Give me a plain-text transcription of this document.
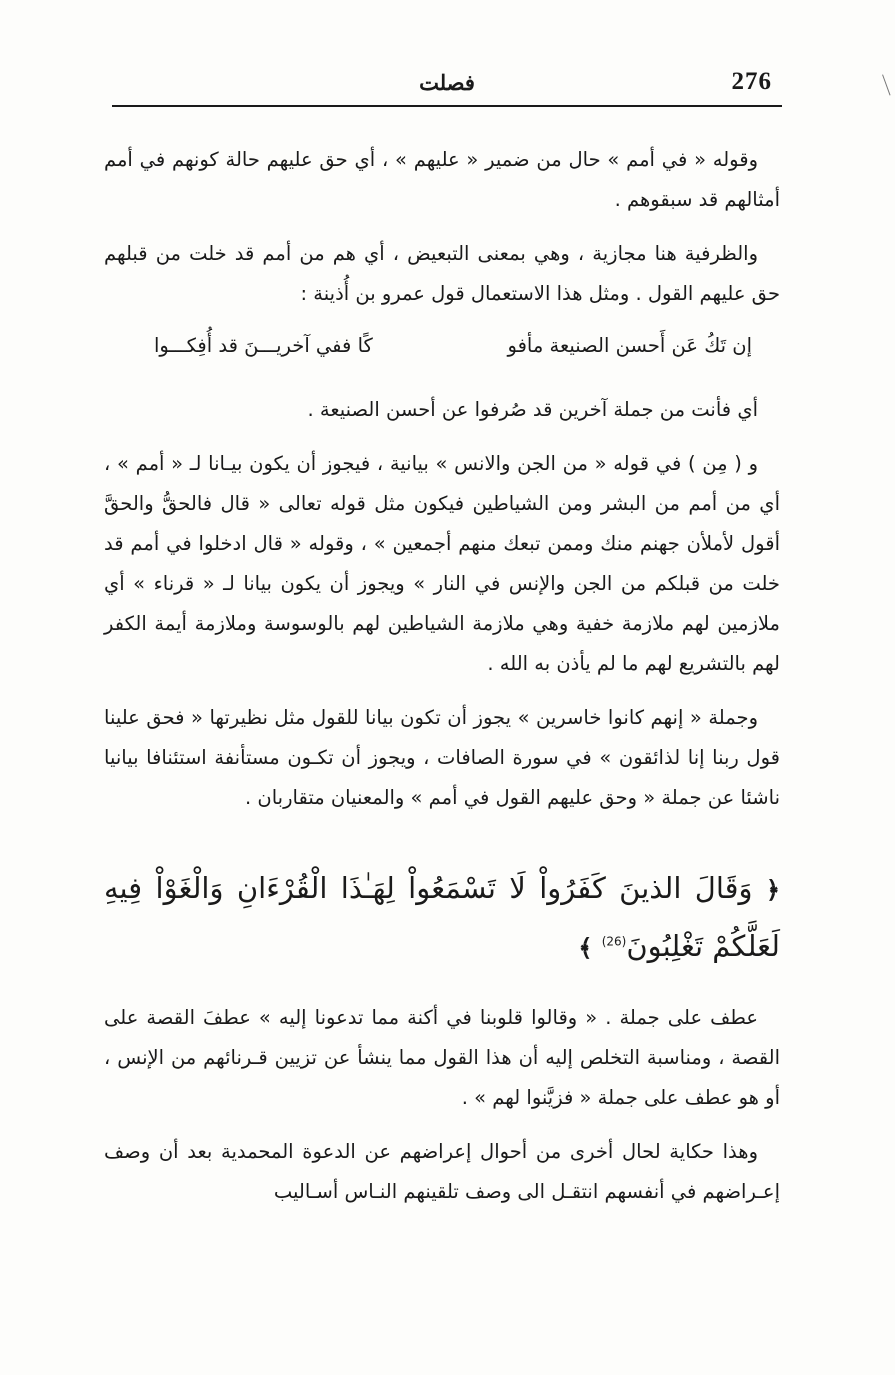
276
فصلت

وقوله « في أمم » حال من ضمير « عليهم » ، أي حق عليهم حالة كونهم في أمم أمثالهم قد سبقوهم .

والظرفية هنا مجازية ، وهي بمعنى التبعيض ، أي هم من أمم قد خلت من قبلهم حق عليهم القول . ومثل هذا الاستعمال قول عمرو بن أُذينة :

إن تَكُ عَن أَحسن الصنيعة مأفو
كًا ففي آخريـــنَ قد أُفِكـــوا

أي فأنت من جملة آخرين قد صُرفوا عن أحسن الصنيعة .

و ( مِن ) في قوله « من الجن والانس » بيانية ، فيجوز أن يكون بيـانا لـ « أمم » ، أي من أمم من البشر ومن الشياطين فيكون مثل قوله تعالى « قال فالحقُّ والحقَّ أقول لأملأن جهنم منك وممن تبعك منهم أجمعين » ، وقوله « قال ادخلوا في أمم قد خلت من قبلكم من الجن والإنس في النار » ويجوز أن يكون بيانا لـ « قرناء » أي ملازمين لهم ملازمة خفية وهي ملازمة الشياطين لهم بالوسوسة وملازمة أيمة الكفر لهم بالتشريع لهم ما لم يأذن به الله .

وجملة « إنهم كانوا خاسرين » يجوز أن تكون بيانا للقول مثل نظيرتها « فحق علينا قول ربنا إنا لذائقون » في سورة الصافات ، ويجوز أن تكـون مستأنفة استئنافا بيانيا ناشئا عن جملة « وحق عليهم القول في أمم » والمعنيان متقاربان .

﴿ وَقَالَ الذينَ كَفَرُواْ لَا تَسْمَعُواْ لِهَـٰذَا الْقُرْءَانِ وَالْغَوْاْ فِيهِ لَعَلَّكُمْ تَغْلِبُونَ$^{(26)}$ ﴾

عطف على جملة . « وقالوا قلوبنا في أكنة مما تدعونا إليه » عطفَ القصة على القصة ، ومناسبة التخلص إليه أن هذا القول مما ينشأ عن تزيين قـرنائهم من الإنس ، أو هو عطف على جملة « فزيَّنوا لهم » .

وهذا حكاية لحال أخرى من أحوال إعراضهم عن الدعوة المحمدية بعد أن وصف إعـراضهم في أنفسهم انتقـل الى وصف تلقينهم النـاس أسـاليب
